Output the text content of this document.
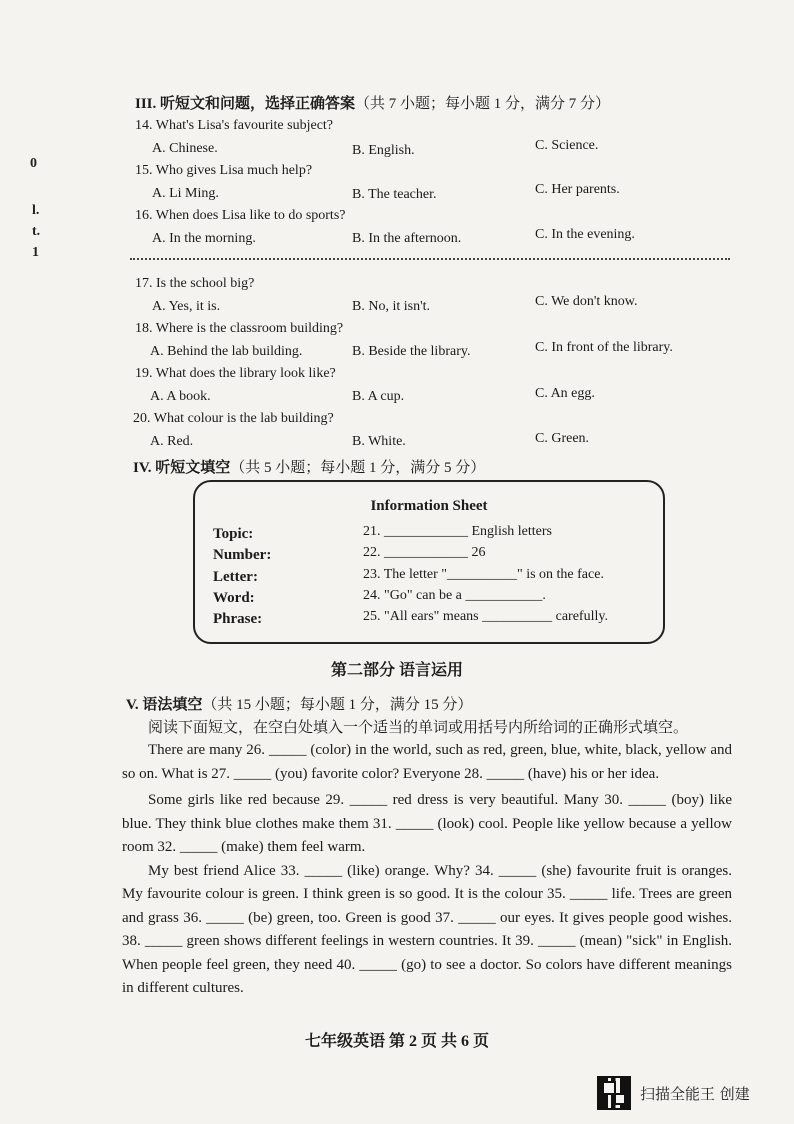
0
l.
t.
1
III. 听短文和问题，选择正确答案（共 7 小题；每小题 1 分，满分 7 分）
14. What's Lisa's favourite subject?
A. Chinese.	B. English.	C. Science.
15. Who gives Lisa much help?
A. Li Ming.	B. The teacher.	C. Her parents.
16. When does Lisa like to do sports?
A. In the morning.	B. In the afternoon.	C. In the evening.
17. Is the school big?
A. Yes, it is.	B. No, it isn't.	C. We don't know.
18. Where is the classroom building?
A. Behind the lab building.	B. Beside the library.	C. In front of the library.
19. What does the library look like?
A. A book.	B. A cup.	C. An egg.
20. What colour is the lab building?
A. Red.	B. White.	C. Green.
IV. 听短文填空（共 5 小题；每小题 1 分，满分 5 分）
Information Sheet
Topic:	21. ____________ English letters
Number:	22. ____________ 26
Letter:	23. The letter "__________" is on the face.
Word:	24. "Go" can be a ___________.
Phrase:	25. "All ears" means __________ carefully.
第二部分 语言运用
V. 语法填空（共 15 小题；每小题 1 分，满分 15 分）
阅读下面短文，在空白处填入一个适当的单词或用括号内所给词的正确形式填空。

There are many 26. _____ (color) in the world, such as red, green, blue, white, black, yellow and so on. What is 27. _____ (you) favorite color? Everyone 28. _____ (have) his or her idea.

Some girls like red because 29. _____ red dress is very beautiful. Many 30. _____ (boy) like blue. They think blue clothes make them 31. _____ (look) cool. People like yellow because a yellow room 32. _____ (make) them feel warm.

My best friend Alice 33. _____ (like) orange. Why? 34. _____ (she) favourite fruit is oranges. My favourite colour is green. I think green is so good. It is the colour 35. _____ life. Trees are green and grass 36. _____ (be) green, too. Green is good 37. _____ our eyes. It gives people good wishes. 38. _____ green shows different feelings in western countries. It 39. _____ (mean) "sick" in English. When people feel green, they need 40. _____ (go) to see a doctor. So colors have different meanings in different cultures.

七年级英语 第 2 页 共 6 页
扫描全能王 创建
